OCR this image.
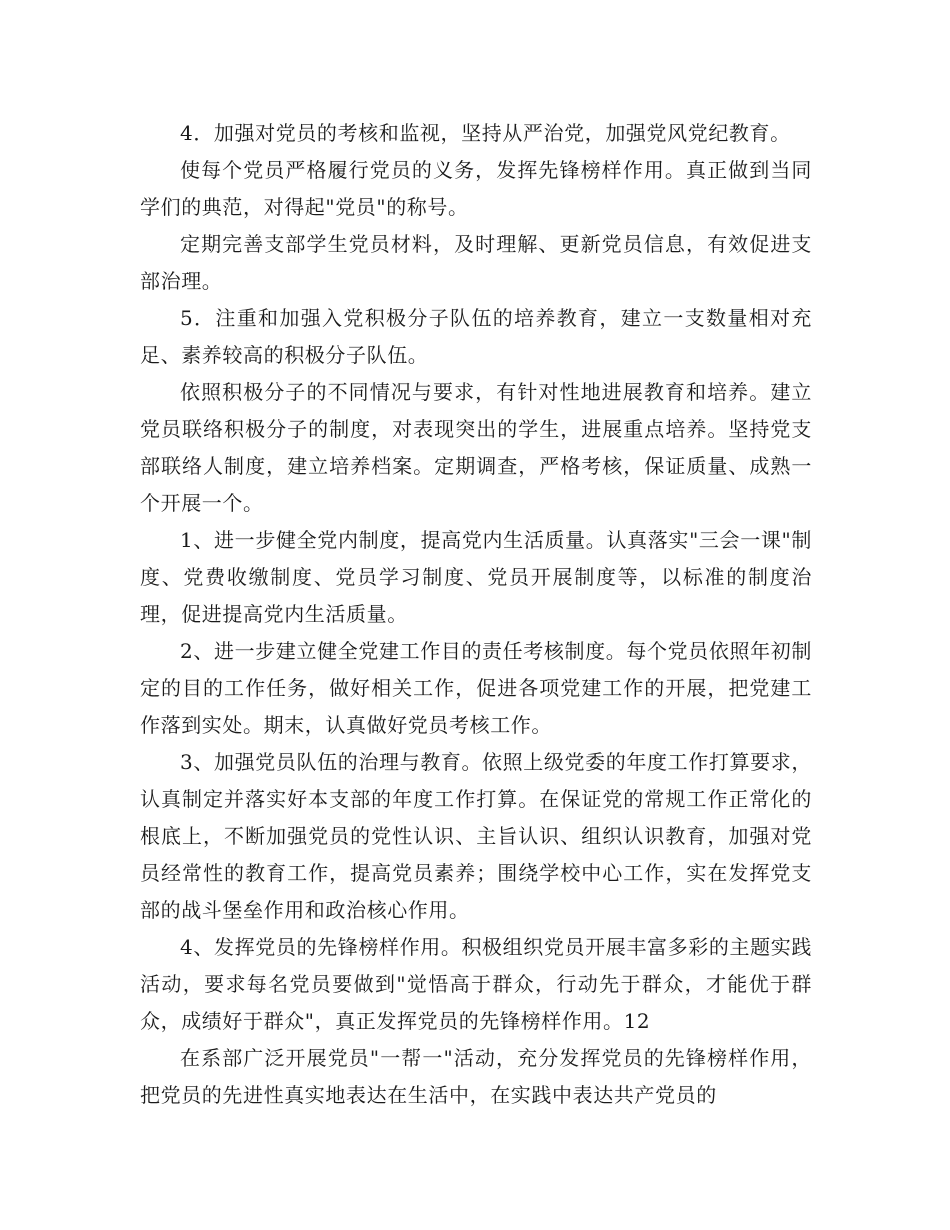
4．加强对党员的考核和监视，坚持从严治党，加强党风党纪教育。

使每个党员严格履行党员的义务，发挥先锋榜样作用。真正做到当同学们的典范，对得起"党员"的称号。

定期完善支部学生党员材料，及时理解、更新党员信息，有效促进支部治理。

5．注重和加强入党积极分子队伍的培养教育，建立一支数量相对充足、素养较高的积极分子队伍。

依照积极分子的不同情况与要求，有针对性地进展教育和培养。建立党员联络积极分子的制度，对表现突出的学生，进展重点培养。坚持党支部联络人制度，建立培养档案。定期调查，严格考核，保证质量、成熟一个开展一个。

1、进一步健全党内制度，提高党内生活质量。认真落实"三会一课"制度、党费收缴制度、党员学习制度、党员开展制度等，以标准的制度治理，促进提高党内生活质量。

2、进一步建立健全党建工作目的责任考核制度。每个党员依照年初制定的目的工作任务，做好相关工作，促进各项党建工作的开展，把党建工作落到实处。期末，认真做好党员考核工作。

3、加强党员队伍的治理与教育。依照上级党委的年度工作打算要求，认真制定并落实好本支部的年度工作打算。在保证党的常规工作正常化的根底上，不断加强党员的党性认识、主旨认识、组织认识教育，加强对党员经常性的教育工作，提高党员素养；围绕学校中心工作，实在发挥党支部的战斗堡垒作用和政治核心作用。

4、发挥党员的先锋榜样作用。积极组织党员开展丰富多彩的主题实践活动，要求每名党员要做到"觉悟高于群众，行动先于群众，才能优于群众，成绩好于群众"，真正发挥党员的先锋榜样作用。12

在系部广泛开展党员"一帮一"活动，充分发挥党员的先锋榜样作用，把党员的先进性真实地表达在生活中，在实践中表达共产党员的
